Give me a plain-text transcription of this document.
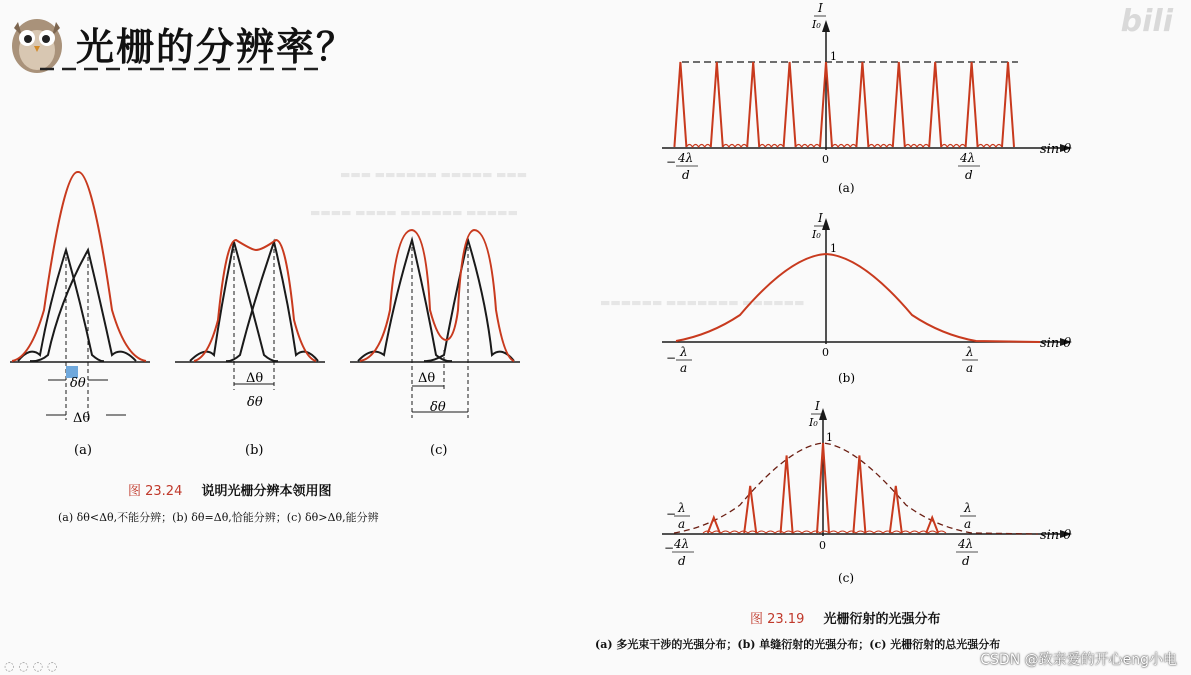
光栅的分辨率？
bili
▬▬▬ ▬▬▬▬▬▬ ▬▬▬▬▬ ▬▬▬
▬▬▬▬ ▬▬▬▬ ▬▬▬▬▬▬ ▬▬▬▬▬
▬▬▬▬▬▬ ▬▬▬▬▬▬▬ ▬▬▬▬▬▬
δθ
Δθ
(a)
Δθ
δθ
(b)
Δθ
δθ
(c)
图 23.24 说明光栅分辨本领用图
(a) δθ<Δθ,不能分辨；(b) δθ=Δθ,恰能分辨；(c) δθ>Δθ,能分辨
I
I₀
1
0
sin θ
− 4λ
d
4λ
d
(a)
I
I₀
1
0
sin θ
− λ
a
λ
a
(b)
I
I₀
1
0
sin θ
− λ
a
− 4λ
d
λ
a
4λ
d
(c)
图 23.19 光栅衍射的光强分布
(a) 多光束干涉的光强分布；(b) 单缝衍射的光强分布；(c) 光栅衍射的总光强分布
CSDN @致亲爱的开心eng小电
◌ ◌ ◌ ◌
